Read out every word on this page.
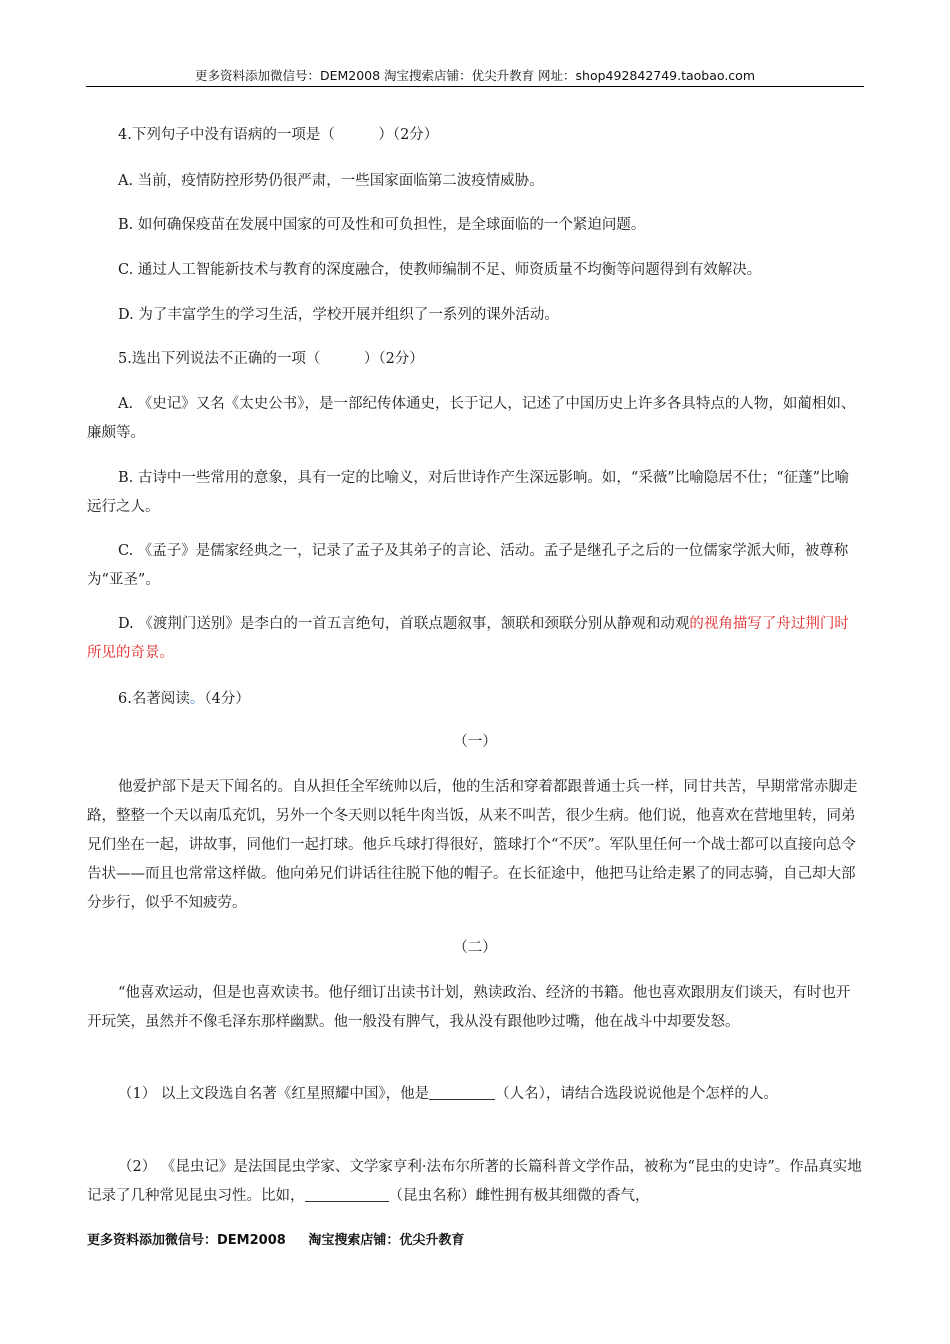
更多资料添加微信号：DEM2008 淘宝搜索店铺：优尖升教育 网址：shop492842749.taobao.com
4.下列句子中没有语病的一项是（　　　）（2分）
A. 当前，疫情防控形势仍很严肃，一些国家面临第二波疫情威胁。
B. 如何确保疫苗在发展中国家的可及性和可负担性，是全球面临的一个紧迫问题。
C. 通过人工智能新技术与教育的深度融合，使教师编制不足、师资质量不均衡等问题得到有效解决。
D. 为了丰富学生的学习生活，学校开展并组织了一系列的课外活动。
5.选出下列说法不正确的一项（　　　）（2分）
A. 《史记》又名《太史公书》，是一部纪传体通史，长于记人，记述了中国历史上许多各具特点的人物，如蔺相如、廉颇等。
B. 古诗中一些常用的意象，具有一定的比喻义，对后世诗作产生深远影响。如，“采薇”比喻隐居不仕；“征蓬”比喻远行之人。
C. 《孟子》是儒家经典之一，记录了孟子及其弟子的言论、活动。孟子是继孔子之后的一位儒家学派大师，被尊称为“亚圣”。
D. 《渡荆门送别》是李白的一首五言绝句，首联点题叙事，颔联和颈联分别从静观和动观的视角描写了舟过荆门时所见的奇景。
6.名著阅读。（4分）
（一）
他爱护部下是天下闻名的。自从担任全军统帅以后，他的生活和穿着都跟普通士兵一样，同甘共苦，早期常常赤脚走路，整整一个天以南瓜充饥，另外一个冬天则以牦牛肉当饭，从来不叫苦，很少生病。他们说，他喜欢在营地里转，同弟兄们坐在一起，讲故事，同他们一起打球。他乒乓球打得很好，篮球打个“不厌”。军队里任何一个战士都可以直接向总令告状——而且也常常这样做。他向弟兄们讲话往往脱下他的帽子。在长征途中，他把马让给走累了的同志骑，自己却大部分步行，似乎不知疲劳。
（二）
“他喜欢运动，但是也喜欢读书。他仔细订出读书计划，熟读政治、经济的书籍。他也喜欢跟朋友们谈天，有时也开开玩笑，虽然并不像毛泽东那样幽默。他一般没有脾气，我从没有跟他吵过嘴，他在战斗中却要发怒。
（1） 以上文段选自名著《红星照耀中国》，他是	（人名），请结合选段说说他是个怎样的人。
（2） 《昆虫记》是法国昆虫学家、文学家亨利·法布尔所著的长篇科普文学作品，被称为“昆虫的史诗”。作品真实地记录了几种常见昆虫习性。比如，	（昆虫名称）雌性拥有极其细微的香气，
更多资料添加微信号：DEM2008     淘宝搜索店铺：优尖升教育
